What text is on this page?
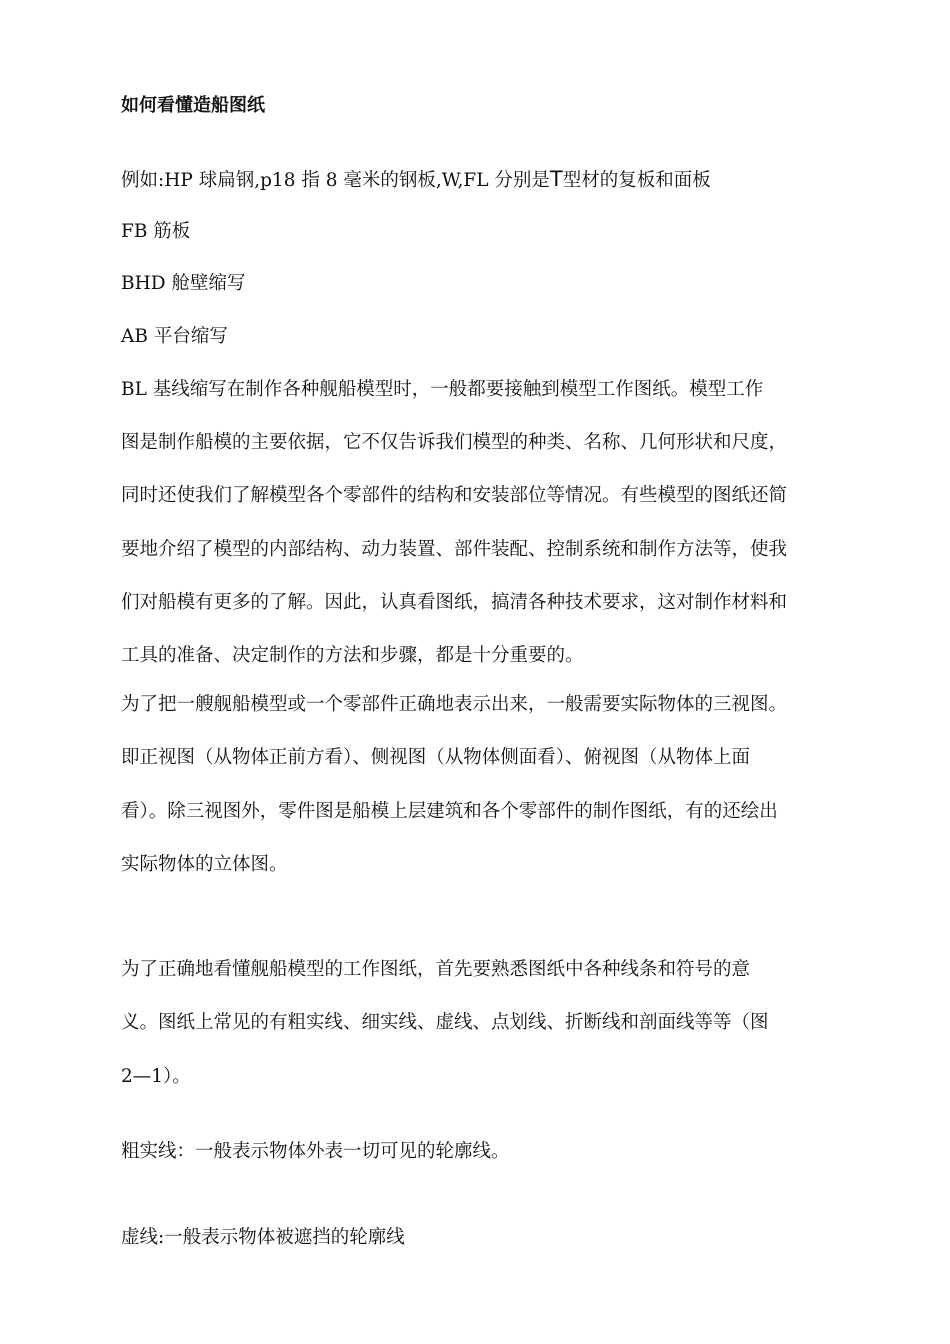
如何看懂造船图纸
例如:HP 球扁钢,p18 指 8 毫米的钢板,W,FL 分别是T型材的复板和面板
FB 筋板
BHD 舱壁缩写
AB 平台缩写
BL 基线缩写在制作各种舰船模型时，一般都要接触到模型工作图纸。模型工作
图是制作船模的主要依据，它不仅告诉我们模型的种类、名称、几何形状和尺度，
同时还使我们了解模型各个零部件的结构和安装部位等情况。有些模型的图纸还简
要地介绍了模型的内部结构、动力装置、部件装配、控制系统和制作方法等，使我
们对船模有更多的了解。因此，认真看图纸，搞清各种技术要求，这对制作材料和
工具的准备、决定制作的方法和步骤，都是十分重要的。
为了把一艘舰船模型或一个零部件正确地表示出来，一般需要实际物体的三视图。
即正视图（从物体正前方看）、侧视图（从物体侧面看）、俯视图（从物体上面
看）。除三视图外，零件图是船模上层建筑和各个零部件的制作图纸，有的还绘出
实际物体的立体图。
为了正确地看懂舰船模型的工作图纸，首先要熟悉图纸中各种线条和符号的意
义。图纸上常见的有粗实线、细实线、虚线、点划线、折断线和剖面线等等（图
2—1）。
粗实线：一般表示物体外表一切可见的轮廓线。
虚线:一般表示物体被遮挡的轮廓线
